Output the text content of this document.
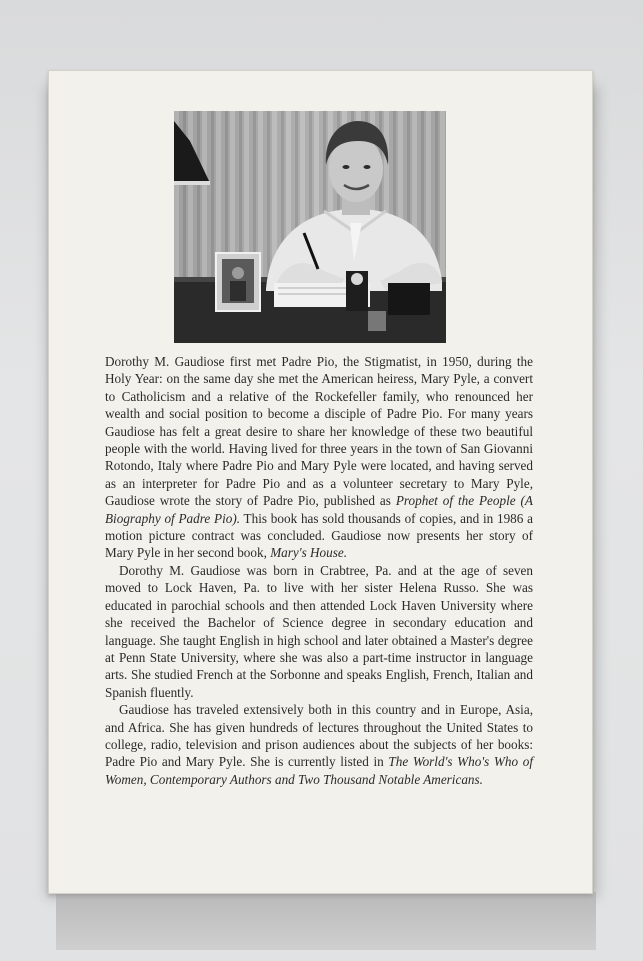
Dorothy M. Gaudiose first met Padre Pio, the Stigmatist, in 1950, during the Holy Year: on the same day she met the American heiress, Mary Pyle, a convert to Catholicism and a relative of the Rockefeller family, who renounced her wealth and social position to become a disciple of Padre Pio. For many years Gaudiose has felt a great desire to share her knowledge of these two beautiful people with the world. Having lived for three years in the town of San Giovanni Rotondo, Italy where Padre Pio and Mary Pyle were located, and having served as an interpreter for Padre Pio and as a volunteer secretary to Mary Pyle, Gaudiose wrote the story of Padre Pio, published as Prophet of the People (A Biography of Padre Pio). This book has sold thousands of copies, and in 1986 a motion picture contract was concluded. Gaudiose now presents her story of Mary Pyle in her second book, Mary's House.

Dorothy M. Gaudiose was born in Crabtree, Pa. and at the age of seven moved to Lock Haven, Pa. to live with her sister Helena Russo. She was educated in parochial schools and then attended Lock Haven University where she received the Bachelor of Science degree in secondary education and language. She taught English in high school and later obtained a Master's degree at Penn State University, where she was also a part-time instructor in language arts. She studied French at the Sorbonne and speaks English, French, Italian and Spanish fluently.

Gaudiose has traveled extensively both in this country and in Europe, Asia, and Africa. She has given hundreds of lectures throughout the United States to college, radio, television and prison audiences about the subjects of her books: Padre Pio and Mary Pyle. She is currently listed in The World's Who's Who of Women, Contemporary Authors and Two Thousand Notable Americans.
